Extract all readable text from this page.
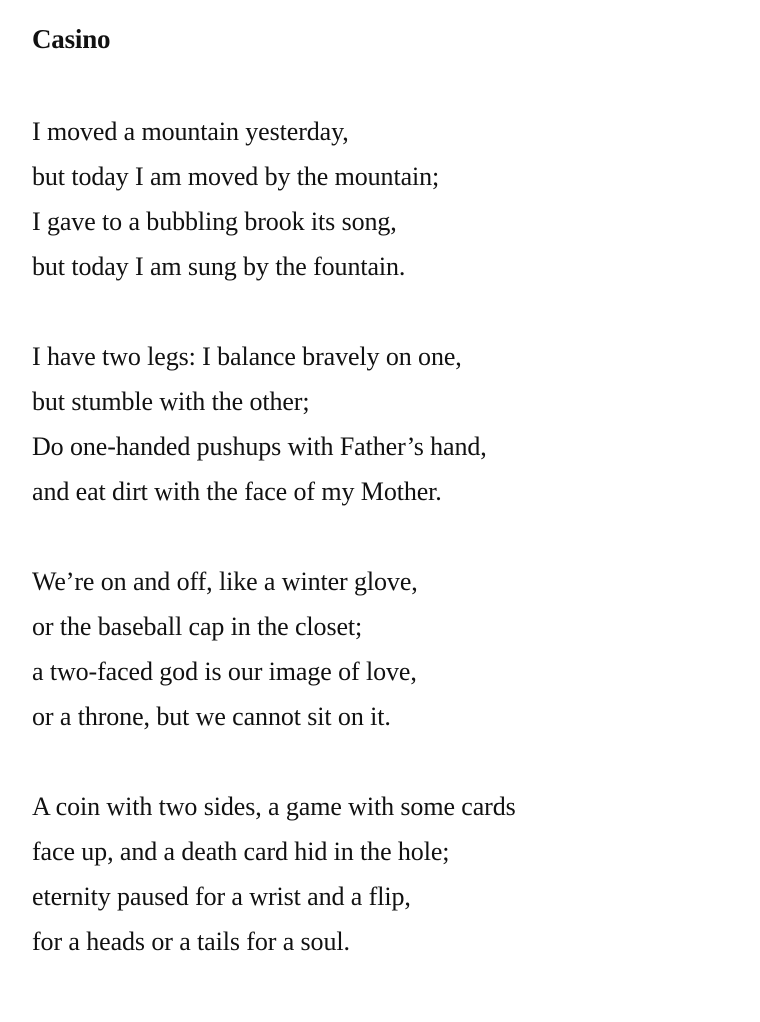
Casino
I moved a mountain yesterday,
but today I am moved by the mountain;
I gave to a bubbling brook its song,
but today I am sung by the fountain.
I have two legs: I balance bravely on one,
but stumble with the other;
Do one-handed pushups with Father’s hand,
and eat dirt with the face of my Mother.
We’re on and off, like a winter glove,
or the baseball cap in the closet;
a two-faced god is our image of love,
or a throne, but we cannot sit on it.
A coin with two sides, a game with some cards
face up, and a death card hid in the hole;
eternity paused for a wrist and a flip,
for a heads or a tails for a soul.
